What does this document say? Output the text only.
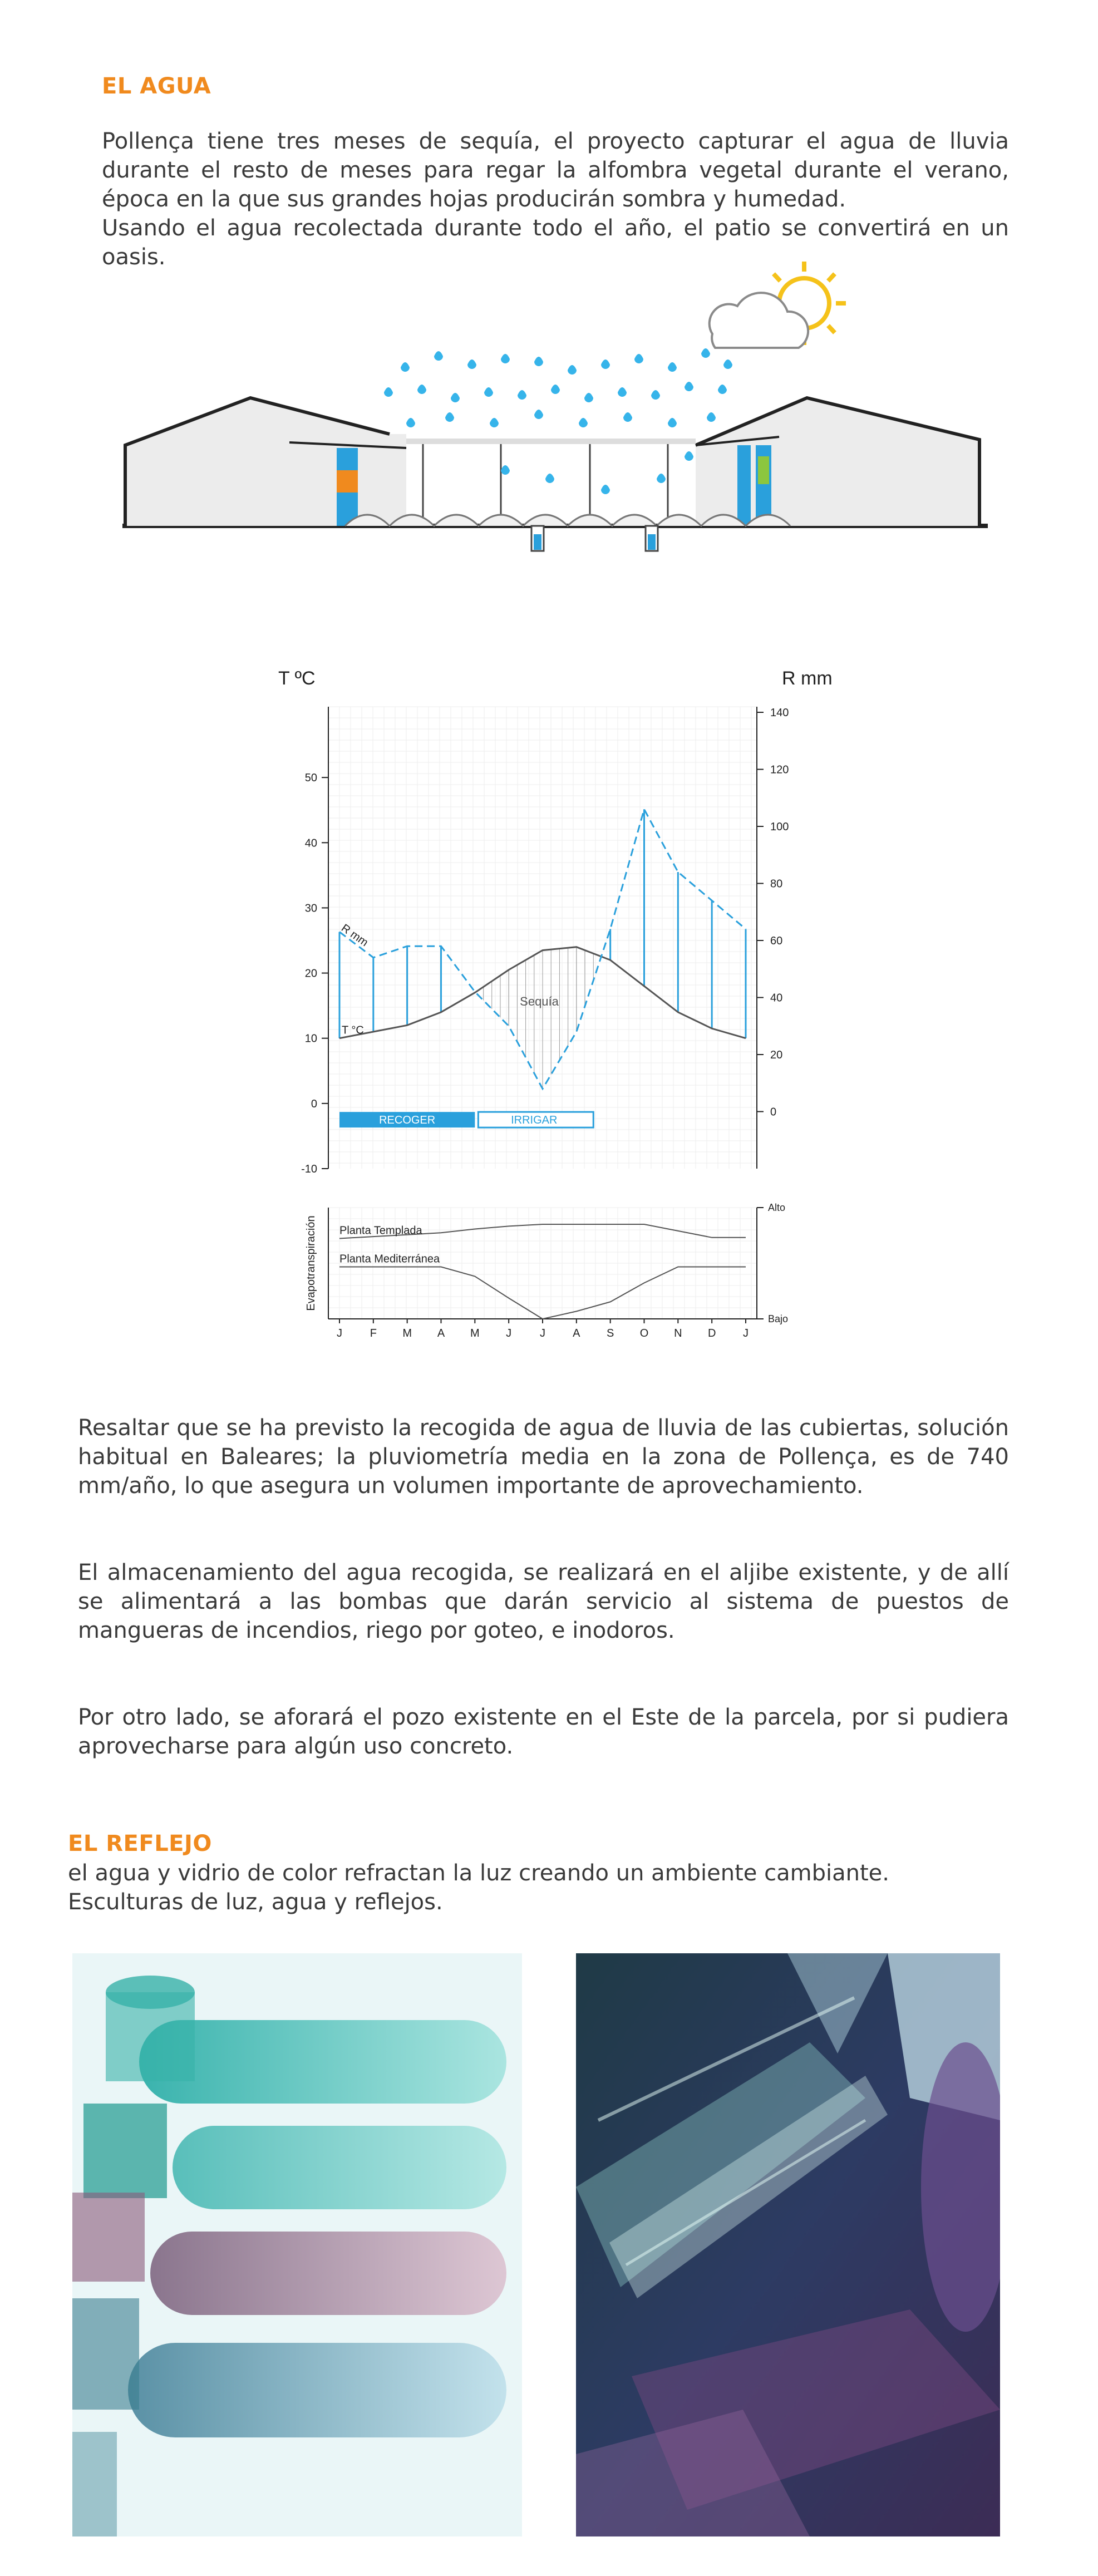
EL AGUA

Pollença tiene tres meses de sequía, el proyecto capturar el agua de lluvia durante el resto de meses para regar la alfombra vegetal durante el verano, época en la que sus grandes hojas producirán sombra y humedad.

Usando el agua recolectada durante todo el año, el patio se convertirá en un oasis.

T ºC	R mm
50
40
30
20
10
0
-10
140
120
100
80
60
40
20
0
T °C
R mm
Sequía
RECOGER	IRRIGAR
Alto
Bajo
Evapotranspiración Planta Templada
Planta Mediterránea
J F M A M J	J A S O N D J
Resaltar que se ha previsto la recogida de agua de lluvia de las cubiertas, solución habitual en Baleares; la pluviometría media en la zona de Pollença, es de 740 mm/año, lo que asegura un volumen importante de aprovechamiento.
El almacenamiento del agua recogida, se realizará en el aljibe existente, y de allí se alimentará a las bombas que darán servicio al sistema de puestos de mangueras de incendios, riego por goteo, e inodoros.
Por otro lado, se aforará el pozo existente en el Este de la parcela, por si pudiera aprovecharse para algún uso concreto.
EL REFLEJO
el agua y vidrio de color refractan la luz creando un ambiente cambiante.
Esculturas de luz, agua y reflejos.
